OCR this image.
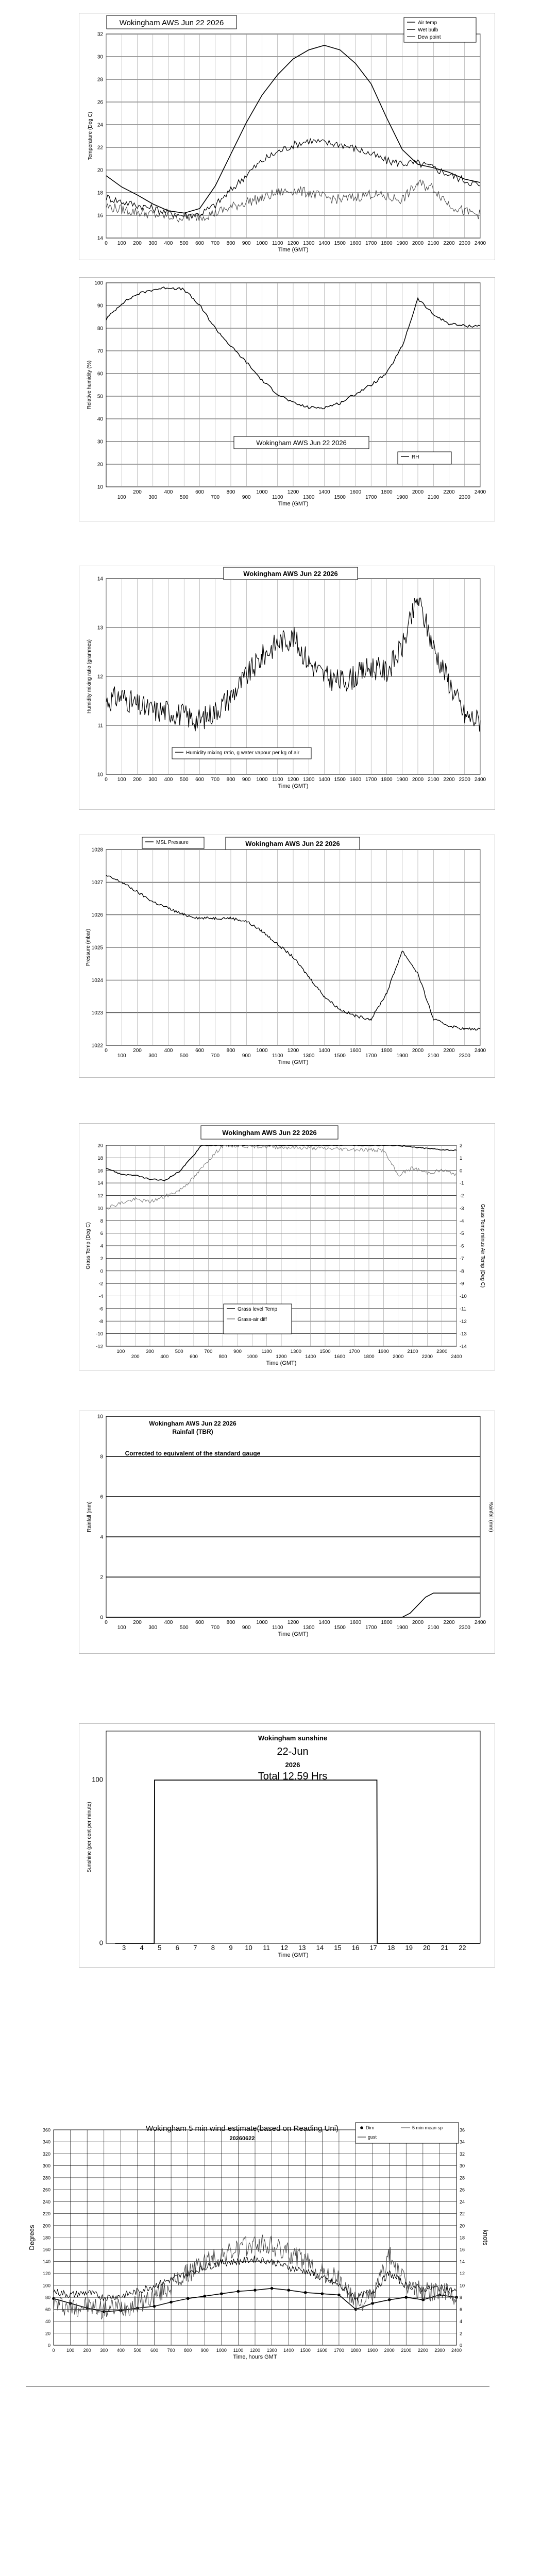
14
16
18
20
22
24
26
28
30
32
0 100 200 300 400 500 600 700 800 900 1000 1100 1200 1300 1400 1500 1600 1700 1800 1900 2000 2100 2200 2300 2400
Time (GMT)
Temperature (Deg C)
Wokingham AWS Jun 22 2026	Air temp
Wet bulb
Dew point
10
20
30
40
50
60
70
80
90
100
100
200
300
400
500
600
700
800
900
1000
1100
1200
1300
1400
1500
1600
1700
1800
1900
2000
2100
2200
2300
2400
Time (GMT)
Relative humidity (%)
Wokingham AWS Jun 22 2026
RH
10
11
12
13
14
0 100 200 300 400 500 600 700 800 900 1000 1100 1200 1300 1400 1500 1600 1700 1800 1900 2000 2100 2200 2300 2400
Time (GMT)
Humidity mixing ratio (grammes)
Wokingham AWS Jun 22 2026
Humidity mixing ratio, g water vapour per kg of air
1022
1023
1024
1025
1026
1027
1028
0
100
200
300
400
500
600
700
800
900
1000
1100
1200
1300
1400
1500
1600
1700
1800
1900
2000
2100
2200
2300
2400
Time (GMT)
Pressure (mbar)
Wokingham AWS Jun 22 2026
MSL Pressure
-12
-10
-8
-6
-4
-2
0
2
4
6
8
10
12
14
16
18
20
-14
-13
-12
-11
-10
-9
-8
-7
-6
-5
-4
-3
-2
-1
0
1
2
100
200
300
400
500
600
700
800
900
1000
1100
1200
1300
1400
1500
1600
1700
1800
1900
2000
2100
2200
2300
2400
Time (GMT)
Grass Temp (Deg C)	Grass Temp minus Air Temp (Deg C)
Wokingham AWS Jun 22 2026
Grass level Temp
Grass-air diff
0
2
4
6
8
10
0
100
200
300
400
500
600
700
800
900
1000
1100
1200
1300
1400
1500
1600
1700
1800
1900
2000
2100
2200
2300
2400
Time (GMT)
Rainfall (mm)	Rainfall (mm)
Wokingham AWS Jun 22 2026
Rainfall (TBR)
Corrected to equivalent of the standard gauge
0
100
3 4 5 6 7 8 9 10 11 12 13 14 15 16 17 18 19 20 21 22
Time (GMT)
Sunshine (per cent per minute)
Wokingham sunshine
22-Jun
2026
Total 12.59 Hrs
0
20
40
60
80
100
120
140
160
180
200
220
240
260
280
300
320
340
360
0
2
4
6
8
10
12
14
16
18
20
22
24
26
28
30
32
34
36
0	100 200 300 400 500 600 700 800 900 1000 1100 1200 1300 1400 1500 1600 1700 1800 1900 2000 2100 2200 2300 2400
Time, hours GMT
Degrees	knots
Wokingham 5 min wind estimate(based on Reading Uni)
20260622
Dirn	5 min mean sp
gust
